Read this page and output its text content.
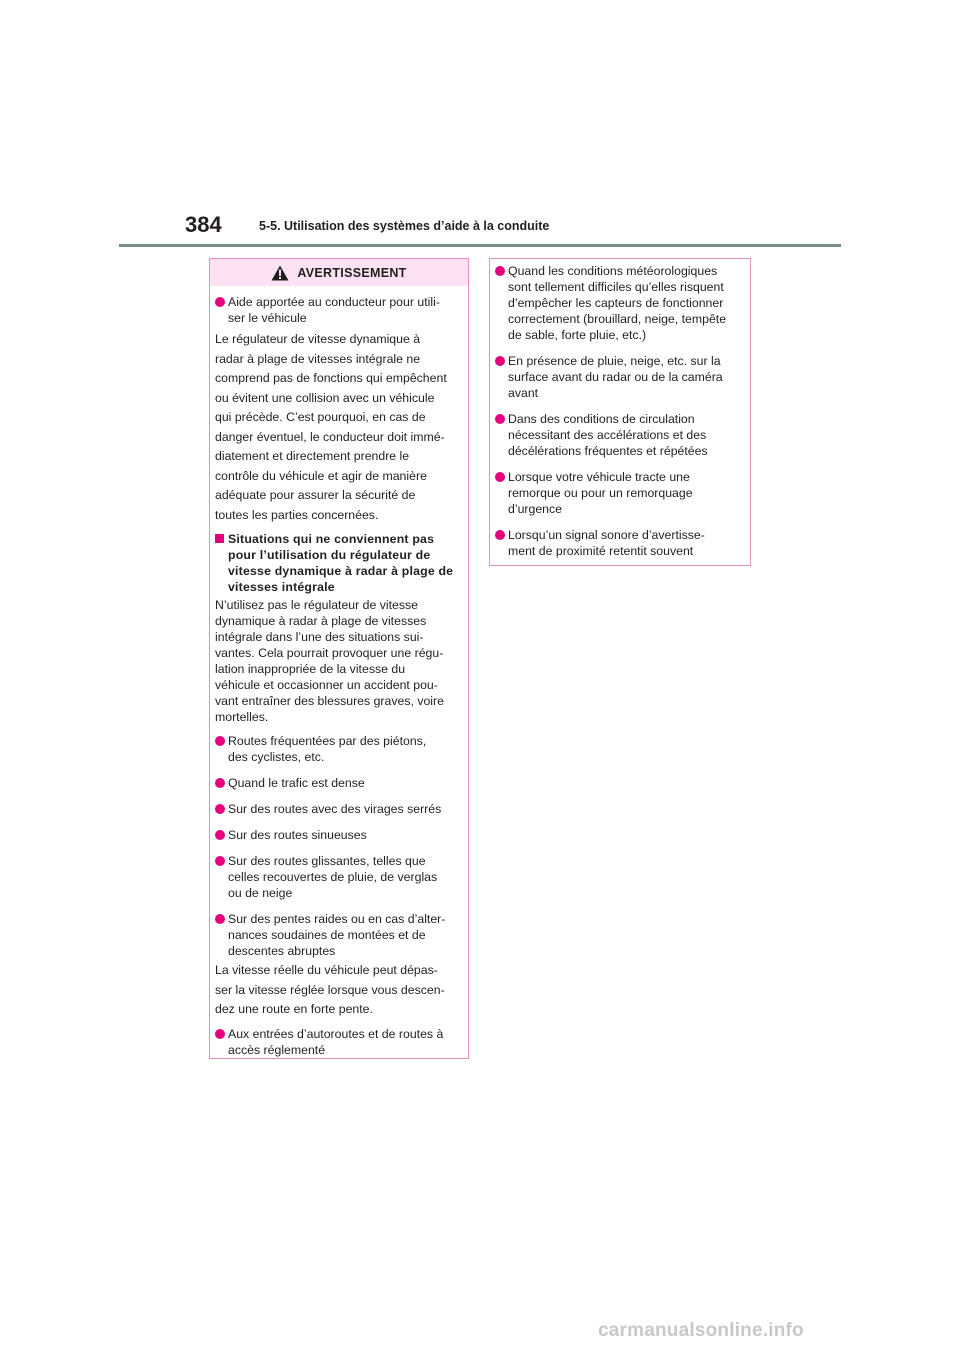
384	5-5. Utilisation des systèmes d’aide à la conduite
AVERTISSEMENT
Aide apportée au conducteur pour utili-
ser le véhicule
Le régulateur de vitesse dynamique à
radar à plage de vitesses intégrale ne
comprend pas de fonctions qui empêchent
ou évitent une collision avec un véhicule
qui précède. C’est pourquoi, en cas de
danger éventuel, le conducteur doit immé-
diatement et directement prendre le
contrôle du véhicule et agir de manière
adéquate pour assurer la sécurité de
toutes les parties concernées.
Situations qui ne conviennent pas
pour l’utilisation du régulateur de
vitesse dynamique à radar à plage de
vitesses intégrale
N’utilisez pas le régulateur de vitesse
dynamique à radar à plage de vitesses
intégrale dans l’une des situations sui-
vantes. Cela pourrait provoquer une régu-
lation inappropriée de la vitesse du
véhicule et occasionner un accident pou-
vant entraîner des blessures graves, voire
mortelles.
Routes fréquentées par des piétons,
des cyclistes, etc.
Quand le trafic est dense
Sur des routes avec des virages serrés
Sur des routes sinueuses
Sur des routes glissantes, telles que
celles recouvertes de pluie, de verglas
ou de neige
Sur des pentes raides ou en cas d’alter-
nances soudaines de montées et de
descentes abruptes
La vitesse réelle du véhicule peut dépas-
ser la vitesse réglée lorsque vous descen-
dez une route en forte pente.
Aux entrées d’autoroutes et de routes à
accès réglementé
Quand les conditions météorologiques
sont tellement difficiles qu’elles risquent
d’empêcher les capteurs de fonctionner
correctement (brouillard, neige, tempête
de sable, forte pluie, etc.)
En présence de pluie, neige, etc. sur la
surface avant du radar ou de la caméra
avant
Dans des conditions de circulation
nécessitant des accélérations et des
décélérations fréquentes et répétées
Lorsque votre véhicule tracte une
remorque ou pour un remorquage
d’urgence
Lorsqu’un signal sonore d’avertisse-
ment de proximité retentit souvent
carmanualsonline.info
